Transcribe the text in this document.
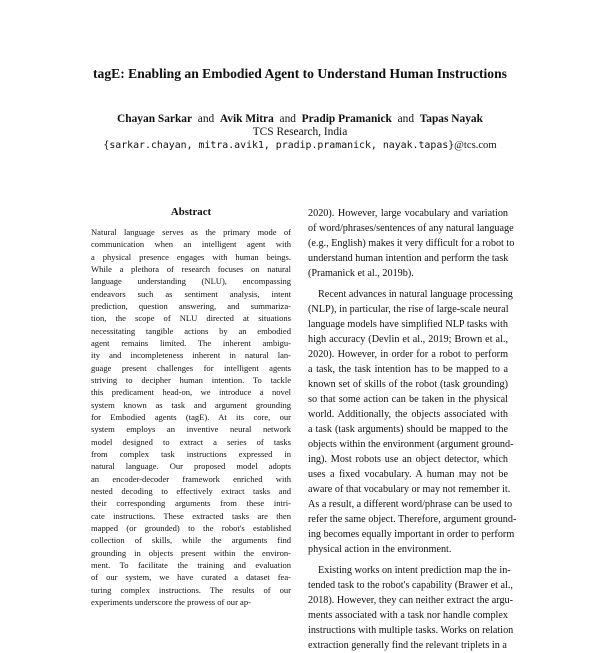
tagE: Enabling an Embodied Agent to Understand Human Instructions
Chayan Sarkar and Avik Mitra and Pradip Pramanick and Tapas Nayak
TCS Research, India
{sarkar.chayan, mitra.avik1, pradip.pramanick, nayak.tapas}@tcs.com
Abstract
Natural language serves as the primary mode of
communication when an intelligent agent with
a physical presence engages with human beings.
While a plethora of research focuses on natural
language understanding (NLU), encompassing
endeavors such as sentiment analysis, intent
prediction, question answering, and summariza-
tion, the scope of NLU directed at situations
necessitating tangible actions by an embodied
agent remains limited. The inherent ambigu-
ity and incompleteness inherent in natural lan-
guage present challenges for intelligent agents
striving to decipher human intention. To tackle
this predicament head-on, we introduce a novel
system known as task and argument grounding
for Embodied agents (tagE). At its core, our
system employs an inventive neural network
model designed to extract a series of tasks
from complex task instructions expressed in
natural language. Our proposed model adopts
an encoder-decoder framework enriched with
nested decoding to effectively extract tasks and
their corresponding arguments from these intri-
cate instructions. These extracted tasks are then
mapped (or grounded) to the robot's established
collection of skills, while the arguments find
grounding in objects present within the environ-
ment. To facilitate the training and evaluation
of our system, we have curated a dataset fea-
turing complex instructions. The results of our
experiments underscore the prowess of our ap-
2020). However, large vocabulary and variation
of word/phrases/sentences of any natural language
(e.g., English) makes it very difficult for a robot to
understand human intention and perform the task
(Pramanick et al., 2019b).
Recent advances in natural language processing
(NLP), in particular, the rise of large-scale neural
language models have simplified NLP tasks with
high accuracy (Devlin et al., 2019; Brown et al.,
2020). However, in order for a robot to perform
a task, the task intention has to be mapped to a
known set of skills of the robot (task grounding)
so that some action can be taken in the physical
world. Additionally, the objects associated with
a task (task arguments) should be mapped to the
objects within the environment (argument ground-
ing). Most robots use an object detector, which
uses a fixed vocabulary. A human may not be
aware of that vocabulary or may not remember it.
As a result, a different word/phrase can be used to
refer the same object. Therefore, argument ground-
ing becomes equally important in order to perform
physical action in the environment.
Existing works on intent prediction map the in-
tended task to the robot's capability (Brawer et al.,
2018). However, they can neither extract the argu-
ments associated with a task nor handle complex
instructions with multiple tasks. Works on relation
extraction generally find the relevant triplets in a
